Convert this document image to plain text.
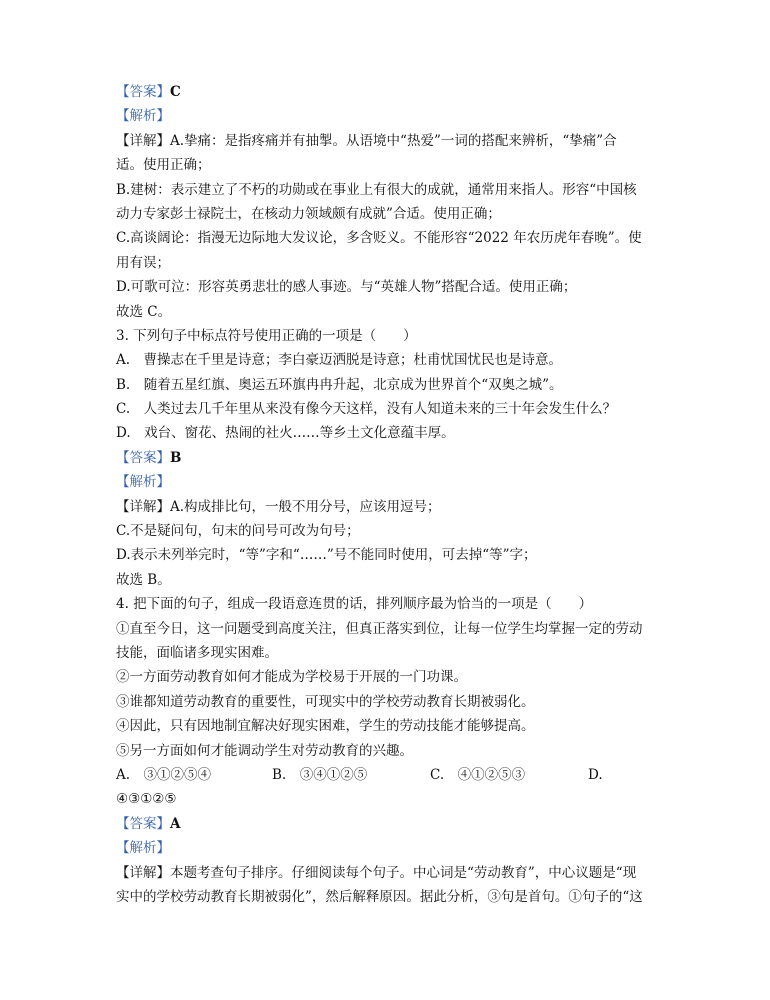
【答案】C
【解析】
【详解】A.挚痛：是指疼痛并有抽掣。从语境中“热爱”一词的搭配来辨析，“挚痛”合
适。使用正确；
B.建树：表示建立了不朽的功勋或在事业上有很大的成就，通常用来指人。形容“中国核
动力专家彭士禄院士，在核动力领域颇有成就”合适。使用正确；
C.高谈阔论：指漫无边际地大发议论，多含贬义。不能形容“2022 年农历虎年春晚”。使
用有误；
D.可歌可泣：形容英勇悲壮的感人事迹。与“英雄人物”搭配合适。使用正确；
故选 C。
3. 下列句子中标点符号使用正确的一项是（　　）
A.　曹操志在千里是诗意；李白豪迈洒脱是诗意；杜甫忧国忧民也是诗意。
B.　随着五星红旗、奥运五环旗冉冉升起，北京成为世界首个“双奥之城”。
C.　人类过去几千年里从来没有像今天这样，没有人知道未来的三十年会发生什么？
D.　戏台、窗花、热闹的社火……等乡土文化意蕴丰厚。
【答案】B
【解析】
【详解】A.构成排比句，一般不用分号，应该用逗号；
C.不是疑问句，句末的问号可改为句号；
D.表示未列举完时，“等”字和“……”号不能同时使用，可去掉“等”字；
故选 B。
4. 把下面的句子，组成一段语意连贯的话，排列顺序最为恰当的一项是（　　）
①直至今日，这一问题受到高度关注，但真正落实到位，让每一位学生均掌握一定的劳动
技能，面临诸多现实困难。
②一方面劳动教育如何才能成为学校易于开展的一门功课。
③谁都知道劳动教育的重要性，可现实中的学校劳动教育长期被弱化。
④因此，只有因地制宜解决好现实困难，学生的劳动技能才能够提高。
⑤另一方面如何才能调动学生对劳动教育的兴趣。
A.　③①②⑤④	B.　③④①②⑤	C.　④①②⑤③	D.
④③①②⑤
【答案】A
【解析】
【详解】本题考查句子排序。仔细阅读每个句子。中心词是“劳动教育”，中心议题是“现
实中的学校劳动教育长期被弱化”，然后解释原因。据此分析，③句是首句。①句子的“这
